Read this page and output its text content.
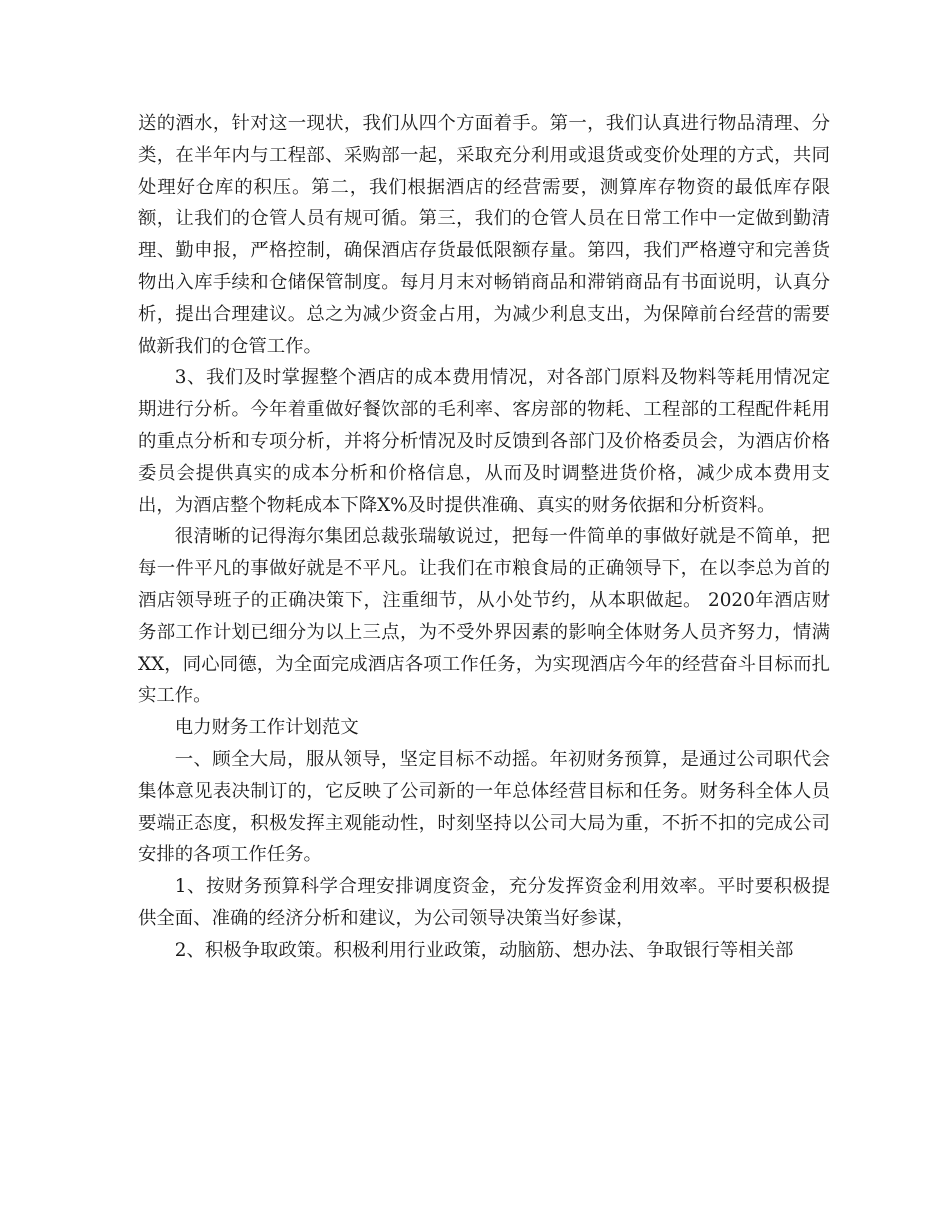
送的酒水，针对这一现状，我们从四个方面着手。第一，我们认真进行物品清理、分类，在半年内与工程部、采购部一起，采取充分利用或退货或变价处理的方式，共同处理好仓库的积压。第二，我们根据酒店的经营需要，测算库存物资的最低库存限额，让我们的仓管人员有规可循。第三，我们的仓管人员在日常工作中一定做到勤清理、勤申报，严格控制，确保酒店存货最低限额存量。第四，我们严格遵守和完善货物出入库手续和仓储保管制度。每月月末对畅销商品和滞销商品有书面说明，认真分析，提出合理建议。总之为减少资金占用，为减少利息支出，为保障前台经营的需要做新我们的仓管工作。

3、我们及时掌握整个酒店的成本费用情况，对各部门原料及物料等耗用情况定期进行分析。今年着重做好餐饮部的毛利率、客房部的物耗、工程部的工程配件耗用的重点分析和专项分析，并将分析情况及时反馈到各部门及价格委员会，为酒店价格委员会提供真实的成本分析和价格信息，从而及时调整进货价格，减少成本费用支出，为酒店整个物耗成本下降X%及时提供准确、真实的财务依据和分析资料。

很清晰的记得海尔集团总裁张瑞敏说过，把每一件简单的事做好就是不简单，把每一件平凡的事做好就是不平凡。让我们在市粮食局的正确领导下，在以李总为首的酒店领导班子的正确决策下，注重细节，从小处节约，从本职做起。 2020年酒店财务部工作计划已细分为以上三点，为不受外界因素的影响全体财务人员齐努力，情满XX，同心同德，为全面完成酒店各项工作任务，为实现酒店今年的经营奋斗目标而扎实工作。

电力财务工作计划范文

一、顾全大局，服从领导，坚定目标不动摇。年初财务预算，是通过公司职代会集体意见表决制订的，它反映了公司新的一年总体经营目标和任务。财务科全体人员要端正态度，积极发挥主观能动性，时刻坚持以公司大局为重，不折不扣的完成公司安排的各项工作任务。

1、按财务预算科学合理安排调度资金，充分发挥资金利用效率。平时要积极提供全面、准确的经济分析和建议，为公司领导决策当好参谋，

2、积极争取政策。积极利用行业政策，动脑筋、想办法、争取银行等相关部
